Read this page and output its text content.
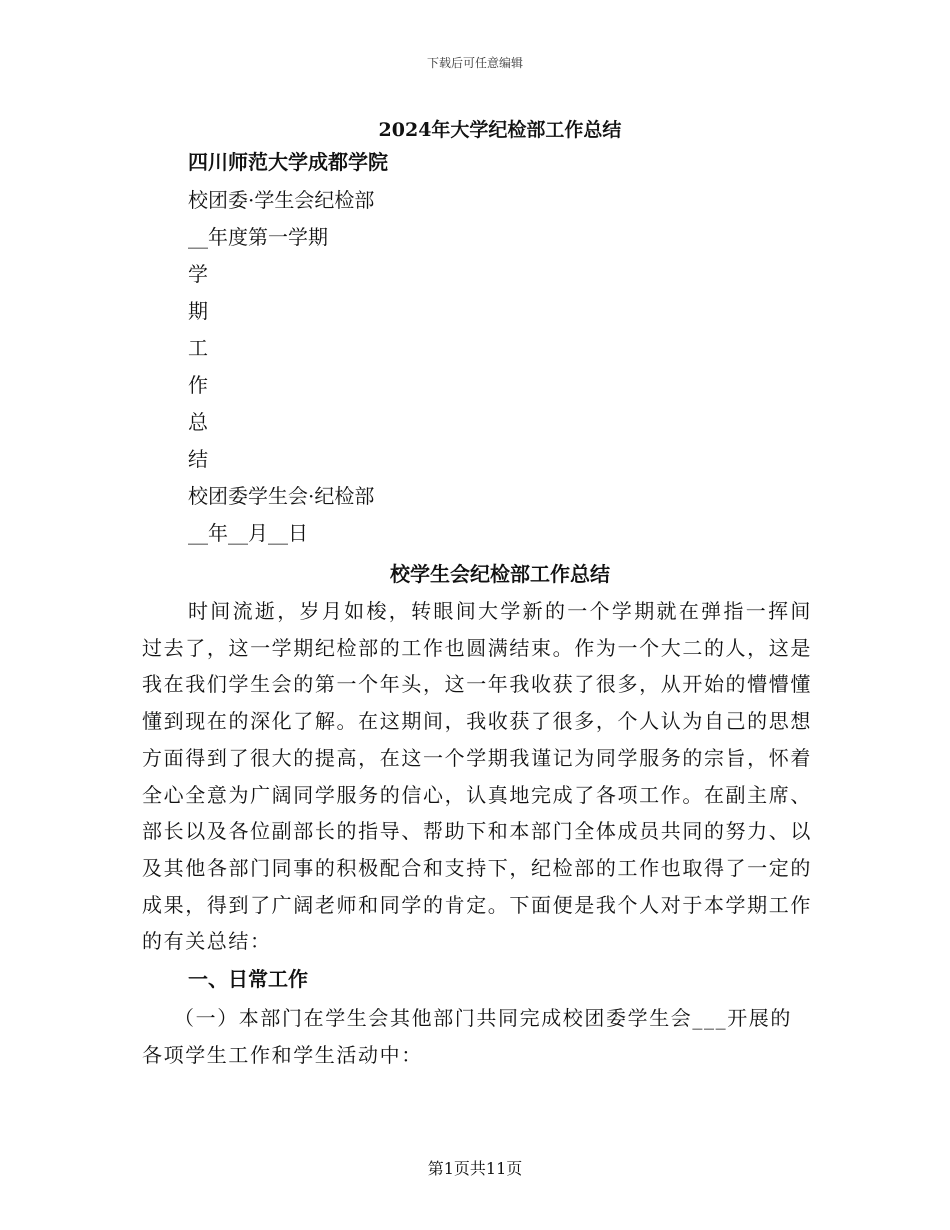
下载后可任意编辑
2024年大学纪检部工作总结
四川师范大学成都学院
校团委·学生会纪检部
__年度第一学期
学
期
工
作
总
结
校团委学生会·纪检部
__年__月__日
校学生会纪检部工作总结

时间流逝，岁月如梭，转眼间大学新的一个学期就在弹指一挥间过去了，这一学期纪检部的工作也圆满结束。作为一个大二的人，这是我在我们学生会的第一个年头，这一年我收获了很多，从开始的懵懵懂懂到现在的深化了解。在这期间，我收获了很多，个人认为自己的思想方面得到了很大的提高，在这一个学期我谨记为同学服务的宗旨，怀着全心全意为广阔同学服务的信心，认真地完成了各项工作。在副主席、部长以及各位副部长的指导、帮助下和本部门全体成员共同的努力、以及其他各部门同事的积极配合和支持下，纪检部的工作也取得了一定的成果，得到了广阔老师和同学的肯定。下面便是我个人对于本学期工作的有关总结：

一、日常工作

（一）本部门在学生会其他部门共同完成校团委学生会___开展的各项学生工作和学生活动中：

第1页共11页
